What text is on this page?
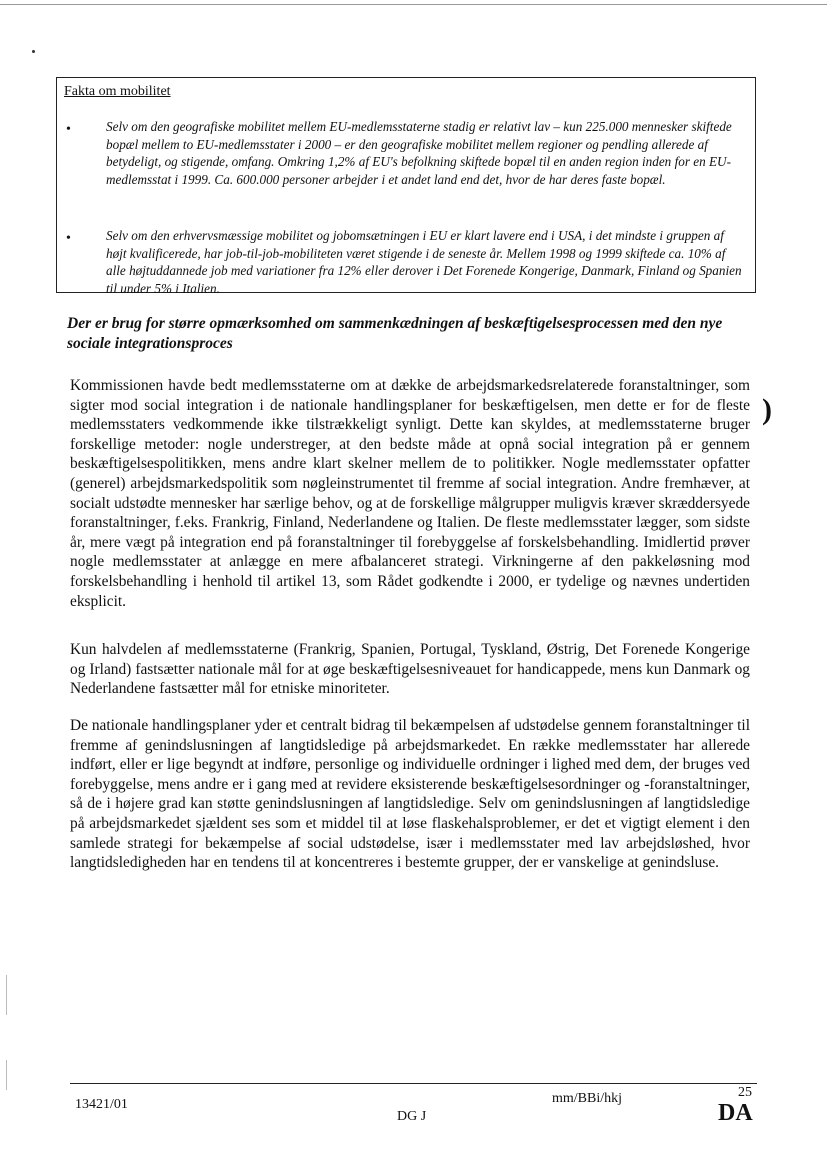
)
Fakta om mobilitet
•	Selv om den geografiske mobilitet mellem EU-medlemsstaterne stadig er relativt lav – kun 225.000 mennesker skiftede bopæl mellem to EU-medlemsstater i 2000 – er den geografiske mobilitet mellem regioner og pendling allerede af betydeligt, og stigende, omfang. Omkring 1,2% af EU's befolkning skiftede bopæl til en anden region inden for en EU-medlemsstat i 1999. Ca. 600.000 personer arbejder i et andet land end det, hvor de har deres faste bopæl.
•	Selv om den erhvervsmæssige mobilitet og jobomsætningen i EU er klart lavere end i USA, i det mindste i gruppen af højt kvalificerede, har job-til-job-mobiliteten været stigende i de seneste år. Mellem 1998 og 1999 skiftede ca. 10% af alle højtuddannede job med variationer fra 12% eller derover i Det Forenede Kongerige, Danmark, Finland og Spanien til under 5% i Italien.
Der er brug for større opmærksomhed om sammenkædningen af beskæftigelsesprocessen med den nye sociale integrationsproces
Kommissionen havde bedt medlemsstaterne om at dække de arbejdsmarkedsrelaterede foranstaltninger, som sigter mod social integration i de nationale handlingsplaner for beskæftigelsen, men dette er for de fleste medlemsstaters vedkommende ikke tilstrækkeligt synligt. Dette kan skyldes, at medlemsstaterne bruger forskellige metoder: nogle understreger, at den bedste måde at opnå social integration på er gennem beskæftigelsespolitikken, mens andre klart skelner mellem de to politikker. Nogle medlemsstater opfatter (generel) arbejdsmarkedspolitik som nøgleinstrumentet til fremme af social integration. Andre fremhæver, at socialt udstødte mennesker har særlige behov, og at de forskellige målgrupper muligvis kræver skræddersyede foranstaltninger, f.eks. Frankrig, Finland, Nederlandene og Italien. De fleste medlemsstater lægger, som sidste år, mere vægt på integration end på foranstaltninger til forebyggelse af forskelsbehandling. Imidlertid prøver nogle medlemsstater at anlægge en mere afbalanceret strategi. Virkningerne af den pakkeløsning mod forskelsbehandling i henhold til artikel 13, som Rådet godkendte i 2000, er tydelige og nævnes undertiden eksplicit.
Kun halvdelen af medlemsstaterne (Frankrig, Spanien, Portugal, Tyskland, Østrig, Det Forenede Kongerige og Irland) fastsætter nationale mål for at øge beskæftigelsesniveauet for handicappede, mens kun Danmark og Nederlandene fastsætter mål for etniske minoriteter.
De nationale handlingsplaner yder et centralt bidrag til bekæmpelsen af udstødelse gennem foranstaltninger til fremme af genindslusningen af langtidsledige på arbejdsmarkedet. En række medlemsstater har allerede indført, eller er lige begyndt at indføre, personlige og individuelle ordninger i lighed med dem, der bruges ved forebyggelse, mens andre er i gang med at revidere eksisterende beskæftigelsesordninger og -foranstaltninger, så de i højere grad kan støtte genindslusningen af langtidsledige. Selv om genindslusningen af langtidsledige på arbejdsmarkedet sjældent ses som et middel til at løse flaskehalsproblemer, er det et vigtigt element i den samlede strategi for bekæmpelse af social udstødelse, især i medlemsstater med lav arbejdsløshed, hvor langtidsledigheden har en tendens til at koncentreres i bestemte grupper, der er vanskelige at genindsluse.
13421/01	mm/BBi/hkj	25
DG J	DA
